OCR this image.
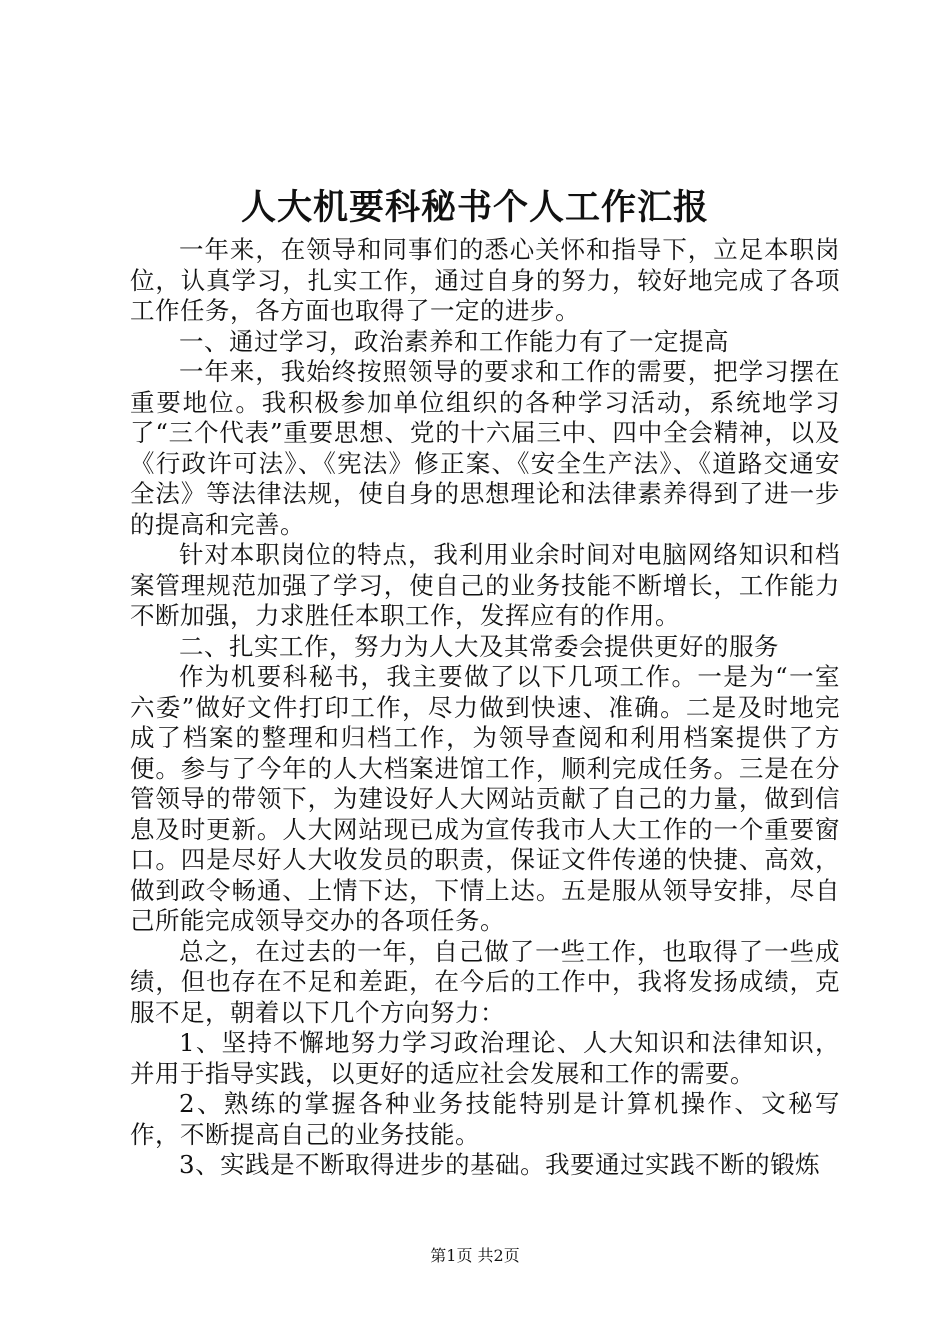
人大机要科秘书个人工作汇报

一年来，在领导和同事们的悉心关怀和指导下，立足本职岗位，认真学习，扎实工作，通过自身的努力，较好地完成了各项工作任务，各方面也取得了一定的进步。

一、通过学习，政治素养和工作能力有了一定提高

一年来，我始终按照领导的要求和工作的需要，把学习摆在重要地位。我积极参加单位组织的各种学习活动，系统地学习了“三个代表”重要思想、党的十六届三中、四中全会精神，以及《行政许可法》、《宪法》修正案、《安全生产法》、《道路交通安全法》等法律法规，使自身的思想理论和法律素养得到了进一步的提高和完善。

针对本职岗位的特点，我利用业余时间对电脑网络知识和档案管理规范加强了学习，使自己的业务技能不断增长，工作能力不断加强，力求胜任本职工作，发挥应有的作用。

二、扎实工作，努力为人大及其常委会提供更好的服务

作为机要科秘书，我主要做了以下几项工作。一是为“一室六委”做好文件打印工作，尽力做到快速、准确。二是及时地完成了档案的整理和归档工作，为领导查阅和利用档案提供了方便。参与了今年的人大档案进馆工作，顺利完成任务。三是在分管领导的带领下，为建设好人大网站贡献了自己的力量，做到信息及时更新。人大网站现已成为宣传我市人大工作的一个重要窗口。四是尽好人大收发员的职责，保证文件传递的快捷、高效，做到政令畅通、上情下达，下情上达。五是服从领导安排，尽自己所能完成领导交办的各项任务。

总之，在过去的一年，自己做了一些工作，也取得了一些成绩，但也存在不足和差距，在今后的工作中，我将发扬成绩，克服不足，朝着以下几个方向努力：

1、坚持不懈地努力学习政治理论、人大知识和法律知识，并用于指导实践，以更好的适应社会发展和工作的需要。

2、熟练的掌握各种业务技能特别是计算机操作、文秘写作，不断提高自己的业务技能。

3、实践是不断取得进步的基础。我要通过实践不断的锻炼

第1页 共2页
